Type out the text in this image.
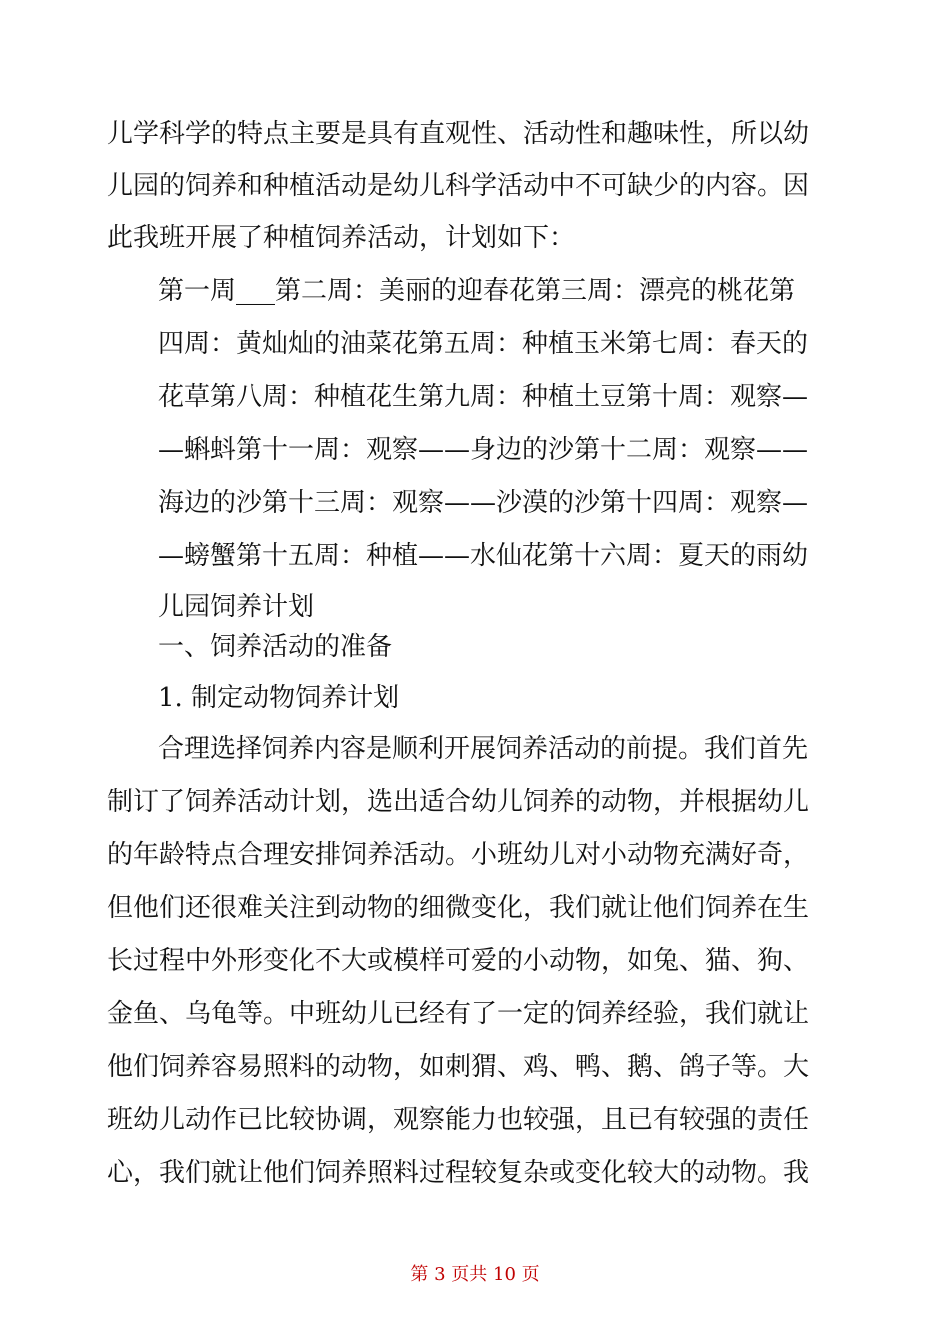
儿学科学的特点主要是具有直观性、活动性和趣味性，所以幼
儿园的饲养和种植活动是幼儿科学活动中不可缺少的内容。因
此我班开展了种植饲养活动，计划如下：
第一周___第二周：美丽的迎春花第三周：漂亮的桃花第
四周：黄灿灿的油菜花第五周：种植玉米第七周：春天的
花草第八周：种植花生第九周：种植土豆第十周：观察—
—蝌蚪第十一周：观察——身边的沙第十二周：观察——
海边的沙第十三周：观察——沙漠的沙第十四周：观察—
—螃蟹第十五周：种植——水仙花第十六周：夏天的雨幼
儿园饲养计划
一、饲养活动的准备
1. 制定动物饲养计划
合理选择饲养内容是顺利开展饲养活动的前提。我们首先
制订了饲养活动计划，选出适合幼儿饲养的动物，并根据幼儿
的年龄特点合理安排饲养活动。小班幼儿对小动物充满好奇，
但他们还很难关注到动物的细微变化，我们就让他们饲养在生
长过程中外形变化不大或模样可爱的小动物，如兔、猫、狗、
金鱼、乌龟等。中班幼儿已经有了一定的饲养经验，我们就让
他们饲养容易照料的动物，如刺猬、鸡、鸭、鹅、鸽子等。大
班幼儿动作已比较协调，观察能力也较强，且已有较强的责任
心，我们就让他们饲养照料过程较复杂或变化较大的动物。我
第 3 页共 10 页
